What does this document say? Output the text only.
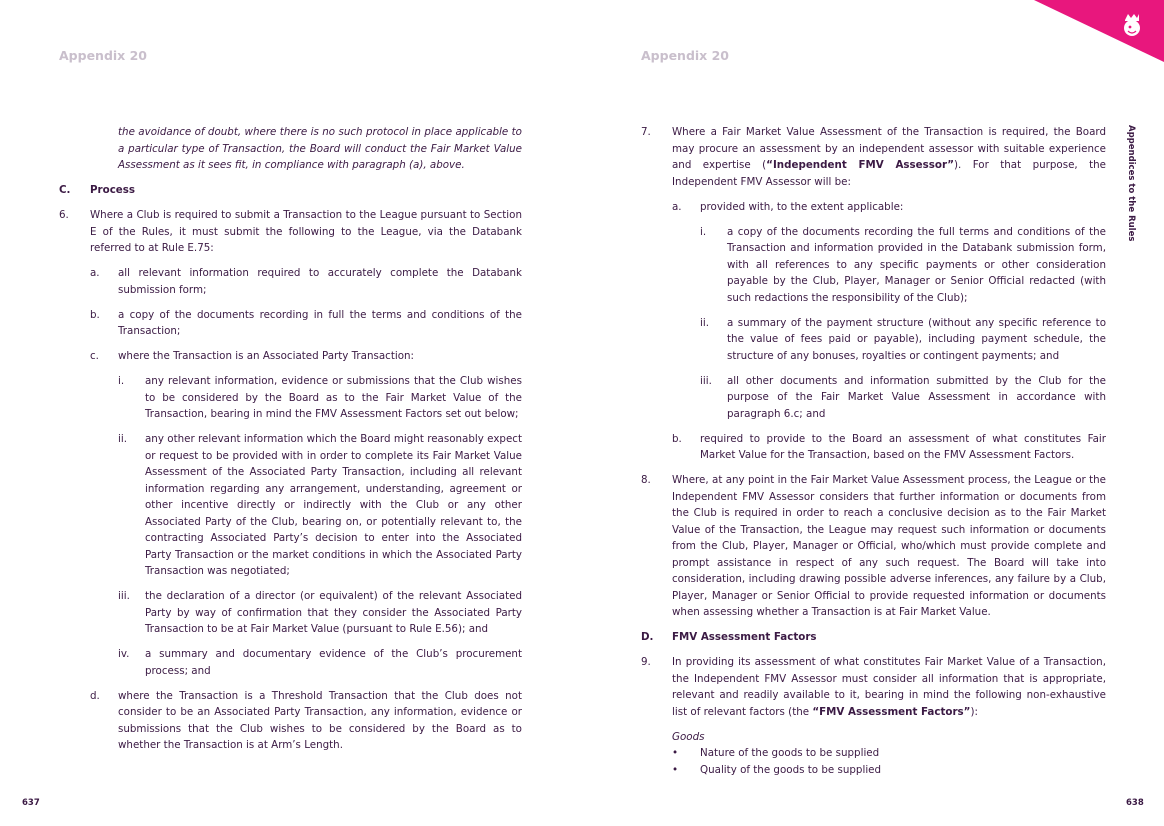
Appendix 20
the avoidance of doubt, where there is no such protocol in place applicable to a particular type of Transaction, the Board will conduct the Fair Market Value Assessment as it sees fit, in compliance with paragraph (a), above.
C. Process
6. Where a Club is required to submit a Transaction to the League pursuant to Section E of the Rules, it must submit the following to the League, via the Databank referred to at Rule E.75:
a. all relevant information required to accurately complete the Databank submission form;
b. a copy of the documents recording in full the terms and conditions of the Transaction;
c. where the Transaction is an Associated Party Transaction:
i. any relevant information, evidence or submissions that the Club wishes to be considered by the Board as to the Fair Market Value of the Transaction, bearing in mind the FMV Assessment Factors set out below;
ii. any other relevant information which the Board might reasonably expect or request to be provided with in order to complete its Fair Market Value Assessment of the Associated Party Transaction, including all relevant information regarding any arrangement, understanding, agreement or other incentive directly or indirectly with the Club or any other Associated Party of the Club, bearing on, or potentially relevant to, the contracting Associated Party’s decision to enter into the Associated Party Transaction or the market conditions in which the Associated Party Transaction was negotiated;
iii. the declaration of a director (or equivalent) of the relevant Associated Party by way of confirmation that they consider the Associated Party Transaction to be at Fair Market Value (pursuant to Rule E.56); and
iv. a summary and documentary evidence of the Club’s procurement process; and
d. where the Transaction is a Threshold Transaction that the Club does not consider to be an Associated Party Transaction, any information, evidence or submissions that the Club wishes to be considered by the Board as to whether the Transaction is at Arm’s Length.
637
Appendix 20
7. Where a Fair Market Value Assessment of the Transaction is required, the Board may procure an assessment by an independent assessor with suitable experience and expertise (“Independent FMV Assessor”). For that purpose, the Independent FMV Assessor will be:
a. provided with, to the extent applicable:
i. a copy of the documents recording the full terms and conditions of the Transaction and information provided in the Databank submission form, with all references to any specific payments or other consideration payable by the Club, Player, Manager or Senior Official redacted (with such redactions the responsibility of the Club);
ii. a summary of the payment structure (without any specific reference to the value of fees paid or payable), including payment schedule, the structure of any bonuses, royalties or contingent payments; and
iii. all other documents and information submitted by the Club for the purpose of the Fair Market Value Assessment in accordance with paragraph 6.c; and
b. required to provide to the Board an assessment of what constitutes Fair Market Value for the Transaction, based on the FMV Assessment Factors.
8. Where, at any point in the Fair Market Value Assessment process, the League or the Independent FMV Assessor considers that further information or documents from the Club is required in order to reach a conclusive decision as to the Fair Market Value of the Transaction, the League may request such information or documents from the Club, Player, Manager or Official, who/which must provide complete and prompt assistance in respect of any such request. The Board will take into consideration, including drawing possible adverse inferences, any failure by a Club, Player, Manager or Senior Official to provide requested information or documents when assessing whether a Transaction is at Fair Market Value.
D. FMV Assessment Factors
9. In providing its assessment of what constitutes Fair Market Value of a Transaction, the Independent FMV Assessor must consider all information that is appropriate, relevant and readily available to it, bearing in mind the following non-exhaustive list of relevant factors (the “FMV Assessment Factors”):
Goods
• Nature of the goods to be supplied
• Quality of the goods to be supplied
638
Appendices to the Rules
